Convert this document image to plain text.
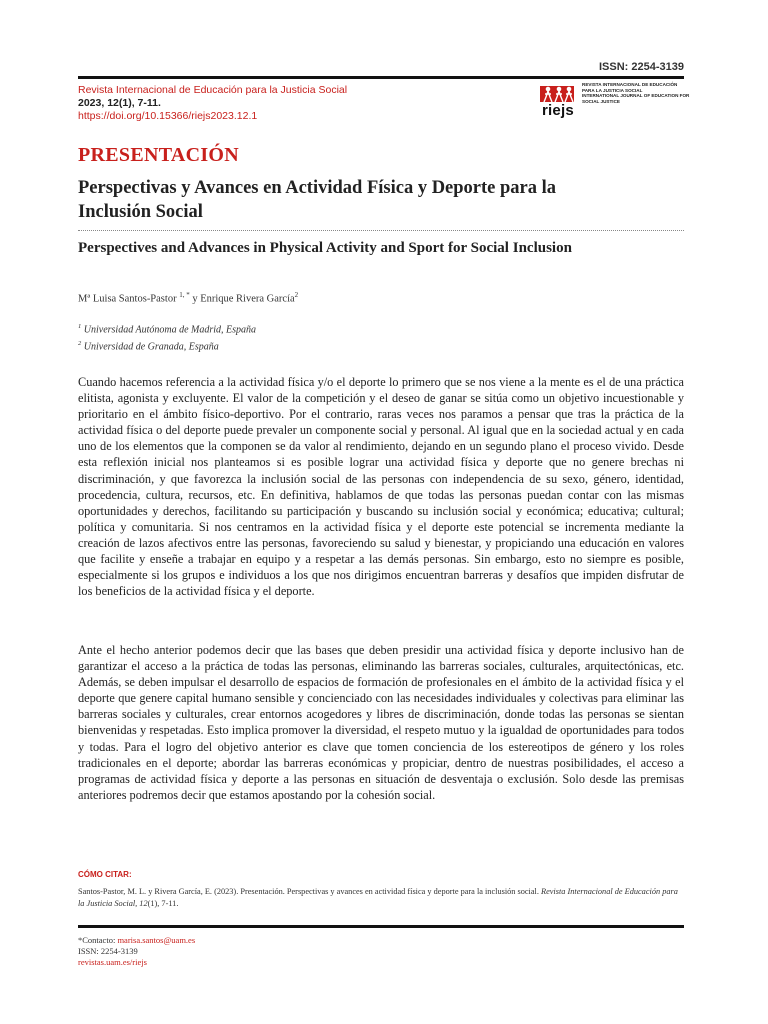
ISSN: 2254-3139
Revista Internacional de Educación para la Justicia Social
2023, 12(1), 7-11.
https://doi.org/10.15366/riejs2023.12.1
REVISTA INTERNACIONAL DE EDUCACIÓN
PARA LA JUSTICIA SOCIAL
INTERNATIONAL JOURNAL OF EDUCATION FOR SOCIAL JUSTICE
riejs
PRESENTACIÓN
Perspectivas y Avances en Actividad Física y Deporte para la Inclusión Social
Perspectives and Advances in Physical Activity and Sport for Social Inclusion
Mª Luisa Santos-Pastor $^{1, *}$ y Enrique Rivera García$^2$
$^1$ Universidad Autónoma de Madrid, España
$^2$ Universidad de Granada, España

Cuando hacemos referencia a la actividad física y/o el deporte lo primero que se nos viene a la mente es el de una práctica elitista, agonista y excluyente. El valor de la competición y el deseo de ganar se sitúa como un objetivo incuestionable y prioritario en el ámbito físico-deportivo. Por el contrario, raras veces nos paramos a pensar que tras la práctica de la actividad física o del deporte puede prevaler un componente social y personal. Al igual que en la sociedad actual y en cada uno de los elementos que la componen se da valor al rendimiento, dejando en un segundo plano el proceso vivido. Desde esta reflexión inicial nos planteamos si es posible lograr una actividad física y deporte que no genere brechas ni discriminación, y que favorezca la inclusión social de las personas con independencia de su sexo, género, identidad, procedencia, cultura, recursos, etc. En definitiva, hablamos de que todas las personas puedan contar con las mismas oportunidades y derechos, facilitando su participación y buscando su inclusión social y económica; educativa; cultural; política y comunitaria. Si nos centramos en la actividad física y el deporte este potencial se incrementa mediante la creación de lazos afectivos entre las personas, favoreciendo su salud y bienestar, y propiciando una educación en valores que facilite y enseñe a trabajar en equipo y a respetar a las demás personas. Sin embargo, esto no siempre es posible, especialmente si los grupos e individuos a los que nos dirigimos encuentran barreras y desafíos que impiden disfrutar de los beneficios de la actividad física y el deporte.

Ante el hecho anterior podemos decir que las bases que deben presidir una actividad física y deporte inclusivo han de garantizar el acceso a la práctica de todas las personas, eliminando las barreras sociales, culturales, arquitectónicas, etc. Además, se deben impulsar el desarrollo de espacios de formación de profesionales en el ámbito de la actividad física y el deporte que genere capital humano sensible y concienciado con las necesidades individuales y colectivas para eliminar las barreras sociales y culturales, crear entornos acogedores y libres de discriminación, donde todas las personas se sientan bienvenidas y respetadas. Esto implica promover la diversidad, el respeto mutuo y la igualdad de oportunidades para todos y todas. Para el logro del objetivo anterior es clave que tomen conciencia de los estereotipos de género y los roles tradicionales en el deporte; abordar las barreras económicas y propiciar, dentro de nuestras posibilidades, el acceso a programas de actividad física y deporte a las personas en situación de desventaja o exclusión. Solo desde las premisas anteriores podremos decir que estamos apostando por la cohesión social.

CÓMO CITAR:
Santos-Pastor, M. L. y Rivera García, E. (2023). Presentación. Perspectivas y avances en actividad física y deporte para la inclusión social. Revista Internacional de Educación para la Justicia Social, 12(1), 7-11.
*Contacto: marisa.santos@uam.es
ISSN: 2254-3139
revistas.uam.es/riejs
